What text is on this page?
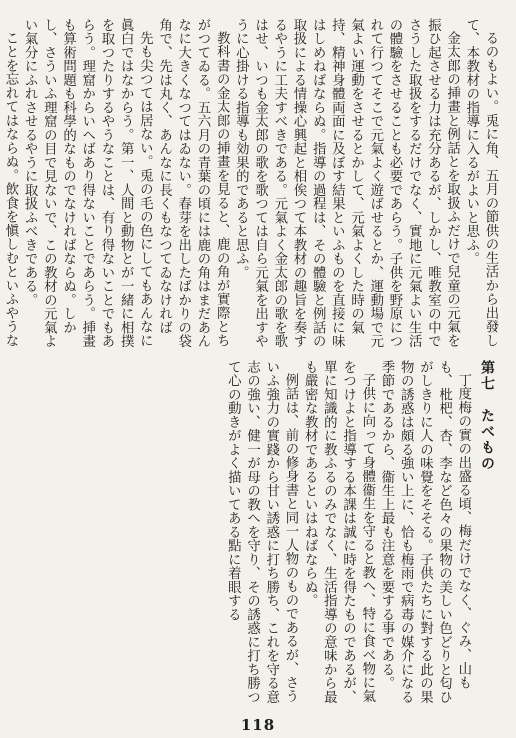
るのもよい。兎に角、五月の節供の生活から出發して、本教材の指導に入るがよいと思ふ。

金太郎の挿畫と例話とを取扱ふだけで兒童の元氣を振ひ起させる力は充分あるが、しかし、唯教室の中でさうした取扱をするだけでなく、實地に元氣よい生活の體驗をさせることも必要であらう。子供を野原につれて行つてそこで元氣よく遊ばせるとか、運動場で元氣よい運動をさせるとかして、元氣よくした時の氣持、精神身體両面に及ぼす結果といふものを直接に味はしめねばならぬ。指導の過程は、その體驗と例話の取扱による情操心興起と相俟つて本教材の趣旨を奏するやうに工夫すべきである。元氣よく金太郎の歌を歌はせ、いつも金太郎の歌を歌つては自ら元氣を出すやうに心掛ける指導も効果的であると思ふ。

教科書の金太郎の挿畫を見ると、鹿の角が實際とちがつてゐる。五六月の青葉の頃には鹿の角はまだあんなに大きくなつてはゐない。春芽を出したばかりの袋角で、先は丸く、あんなに長くもなつてゐなければ

先も尖つては居ない。兎の毛の色にしてもあんなに眞白ではなからう。第一、人間と動物とが一緒に相撲を取つたりするやうなことは、有り得ないことでもあらう。理窟からいへばあり得ないことであらう。挿畫も算術問題も科學的なものでなければならぬ。しかし、さういふ理窟の目で見ないで、この教材の元氣よい氣分にふれさせるやうに取扱ふべきである。

ことを忘れてはならぬ。飲食を愼しむといふやうな

第七　たべもの

丁度梅の實の出盛る頃、梅だけでなく、ぐみ、山もも、枇杷、杏、李など色々の果物の美しい色どりと匂ひがしきりに人の味覺をそそる。子供たちに對する此の果物の誘惑は頗る強い上に、恰も梅雨で病毒の媒介になる季節であるから、衞生上最も注意を要する事である。

子供に向って身體衞生を守ると教へ、特に食べ物に氣をつけよと指導する本課は誠に時を得たものであるが、單に知識的に教ふるのみでなく、生活指導の意味から最も嚴密な教材であるといはねばならぬ。

例話は、前の修身書と同一人物のものであるが、さういふ強力の實踐から甘い誘惑に打ち勝ち、これを守る意志の強い、健一が母の教へを守り、その誘惑に打ち勝つて心の動きがよく描いてある點に着眼する

118
